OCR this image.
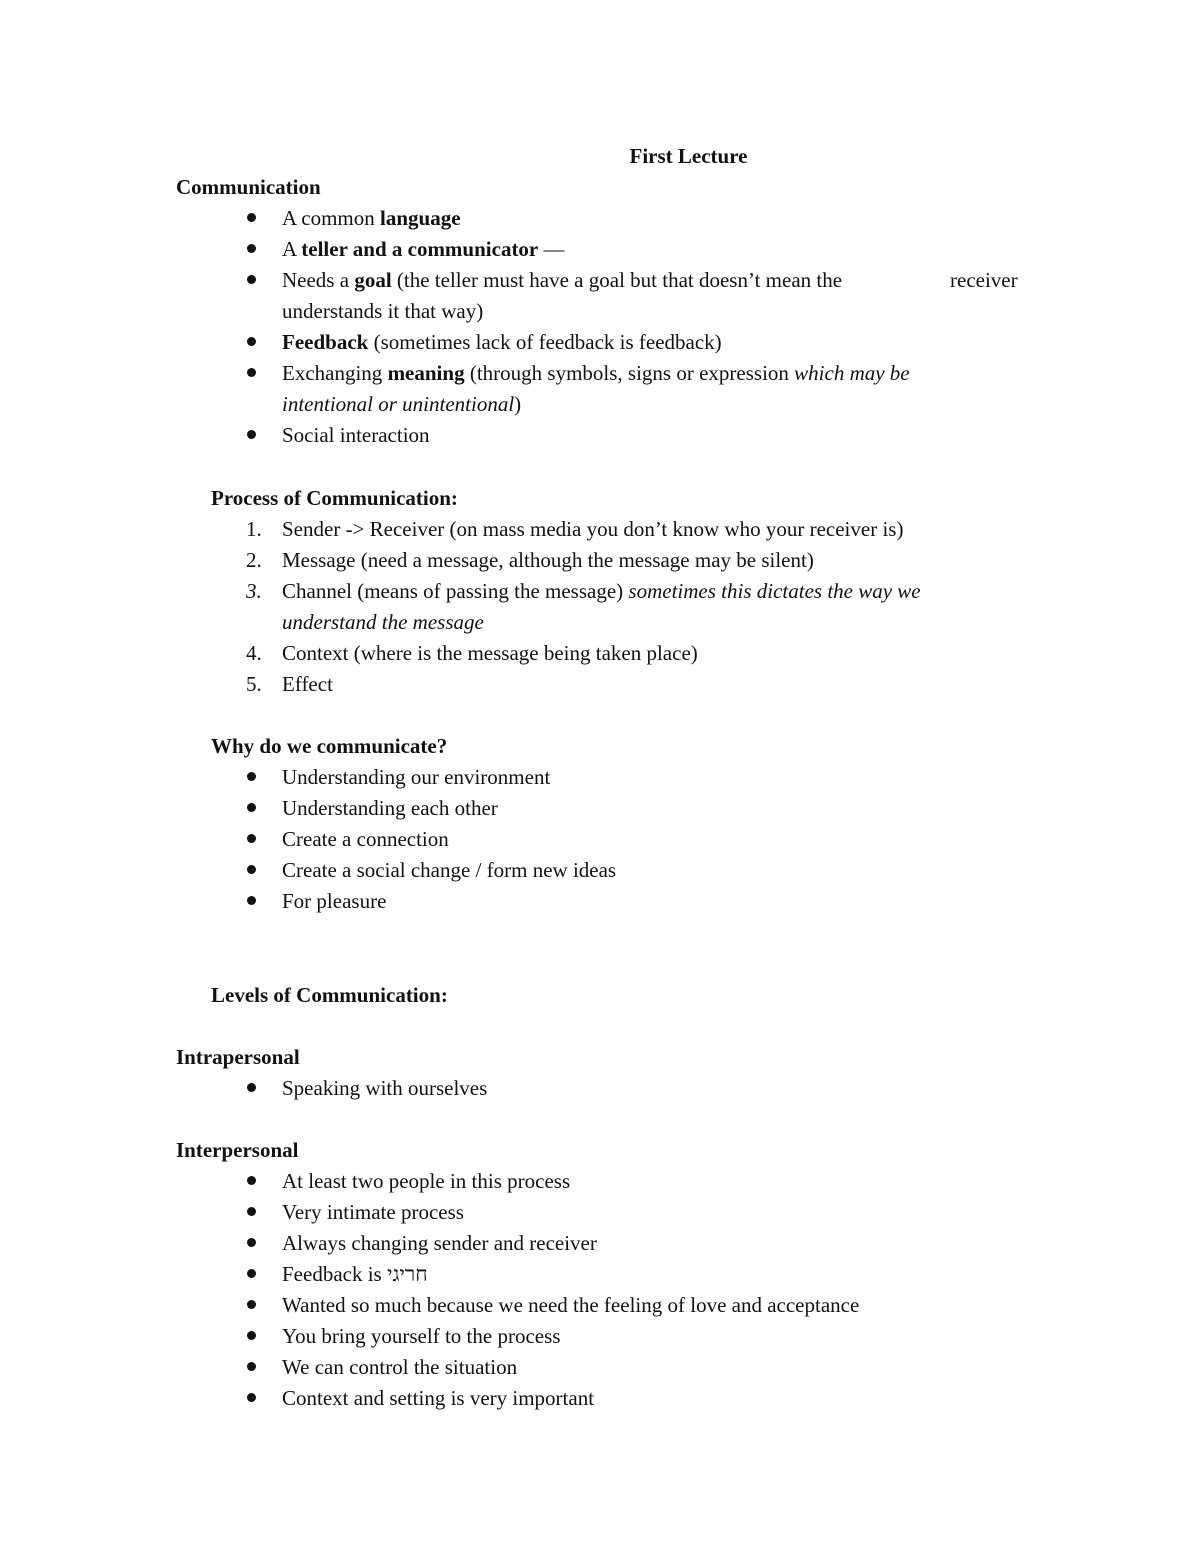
First Lecture
Communication
A common language
A teller and a communicator —
Needs a goal (the teller must have a goal but that doesn’t mean the	receiver
understands it that way)
Feedback (sometimes lack of feedback is feedback)
Exchanging meaning (through symbols, signs or expression which may be
intentional or unintentional)
Social interaction
Process of Communication:
1. Sender -> Receiver (on mass media you don’t know who your receiver is)
2. Message (need a message, although the message may be silent)
3. Channel (means of passing the message) sometimes this dictates the way we
understand the message
4. Context (where is the message being taken place)
5. Effect
Why do we communicate?
Understanding our environment
Understanding each other
Create a connection
Create a social change / form new ideas
For pleasure
Levels of Communication:
Intrapersonal
Speaking with ourselves
Interpersonal
At least two people in this process
Very intimate process
Always changing sender and receiver
Feedback is חריגי
Wanted so much because we need the feeling of love and acceptance
You bring yourself to the process
We can control the situation
Context and setting is very important
